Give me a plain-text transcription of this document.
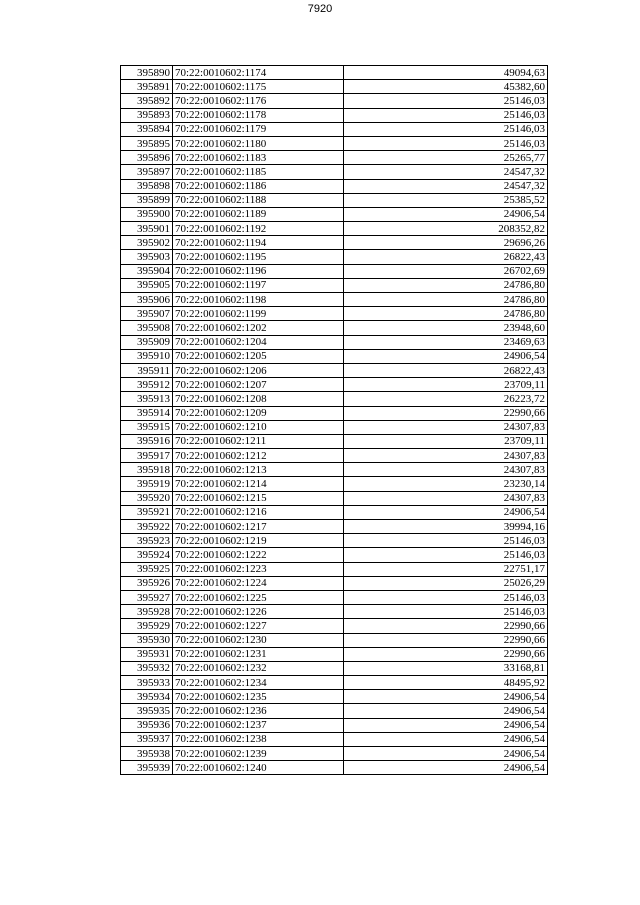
7920
395890	70:22:0010602:1174	49094,63
395891	70:22:0010602:1175	45382,60
395892	70:22:0010602:1176	25146,03
395893	70:22:0010602:1178	25146,03
395894	70:22:0010602:1179	25146,03
395895	70:22:0010602:1180	25146,03
395896	70:22:0010602:1183	25265,77
395897	70:22:0010602:1185	24547,32
395898	70:22:0010602:1186	24547,32
395899	70:22:0010602:1188	25385,52
395900	70:22:0010602:1189	24906,54
395901	70:22:0010602:1192	208352,82
395902	70:22:0010602:1194	29696,26
395903	70:22:0010602:1195	26822,43
395904	70:22:0010602:1196	26702,69
395905	70:22:0010602:1197	24786,80
395906	70:22:0010602:1198	24786,80
395907	70:22:0010602:1199	24786,80
395908	70:22:0010602:1202	23948,60
395909	70:22:0010602:1204	23469,63
395910	70:22:0010602:1205	24906,54
395911	70:22:0010602:1206	26822,43
395912	70:22:0010602:1207	23709,11
395913	70:22:0010602:1208	26223,72
395914	70:22:0010602:1209	22990,66
395915	70:22:0010602:1210	24307,83
395916	70:22:0010602:1211	23709,11
395917	70:22:0010602:1212	24307,83
395918	70:22:0010602:1213	24307,83
395919	70:22:0010602:1214	23230,14
395920	70:22:0010602:1215	24307,83
395921	70:22:0010602:1216	24906,54
395922	70:22:0010602:1217	39994,16
395923	70:22:0010602:1219	25146,03
395924	70:22:0010602:1222	25146,03
395925	70:22:0010602:1223	22751,17
395926	70:22:0010602:1224	25026,29
395927	70:22:0010602:1225	25146,03
395928	70:22:0010602:1226	25146,03
395929	70:22:0010602:1227	22990,66
395930	70:22:0010602:1230	22990,66
395931	70:22:0010602:1231	22990,66
395932	70:22:0010602:1232	33168,81
395933	70:22:0010602:1234	48495,92
395934	70:22:0010602:1235	24906,54
395935	70:22:0010602:1236	24906,54
395936	70:22:0010602:1237	24906,54
395937	70:22:0010602:1238	24906,54
395938	70:22:0010602:1239	24906,54
395939	70:22:0010602:1240	24906,54
